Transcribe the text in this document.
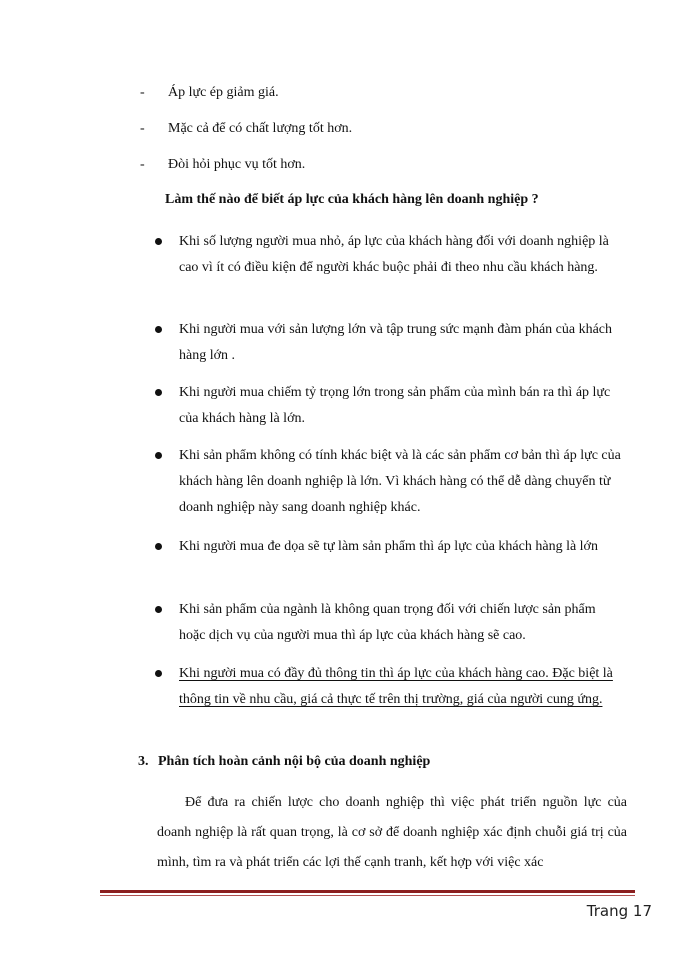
- Áp lực ép giảm giá.
- Mặc cả để có chất lượng tốt hơn.
- Đòi hỏi phục vụ tốt hơn.
Làm thế nào để biết áp lực của khách hàng lên doanh nghiệp ?
Khi số lượng người mua nhỏ, áp lực của khách hàng đối với doanh nghiệp là cao vì ít có điều kiện để người khác buộc phải đi theo nhu cầu khách hàng.
Khi người mua với sản lượng lớn và tập trung sức mạnh đàm phán của khách hàng lớn .
Khi người mua chiếm tỷ trọng lớn trong sản phẩm của mình bán ra thì áp lực của khách hàng là lớn.
Khi sản phẩm không có tính khác biệt và là các sản phẩm cơ bản thì áp lực của khách hàng lên doanh nghiệp là lớn. Vì khách hàng có thể dễ dàng chuyển từ doanh nghiệp này sang doanh nghiệp khác.
Khi người mua đe dọa sẽ tự làm sản phẩm thì áp lực của khách hàng là lớn
Khi sản phẩm của ngành là không quan trọng đối với chiến lược sản phẩm hoặc dịch vụ của người mua thì áp lực của khách hàng sẽ cao.
Khi người mua có đầy đủ thông tin thì áp lực của khách hàng cao. Đặc biệt là thông tin về nhu cầu, giá cả thực tế trên thị trường, giá của người cung ứng.
3. Phân tích hoàn cảnh nội bộ của doanh nghiệp
Để đưa ra chiến lược cho doanh nghiệp thì việc phát triển nguồn lực của doanh nghiệp là rất quan trọng, là cơ sở để doanh nghiệp xác định chuỗi giá trị của mình, tìm ra và phát triển các lợi thế cạnh tranh, kết hợp với việc xác
Trang 17
